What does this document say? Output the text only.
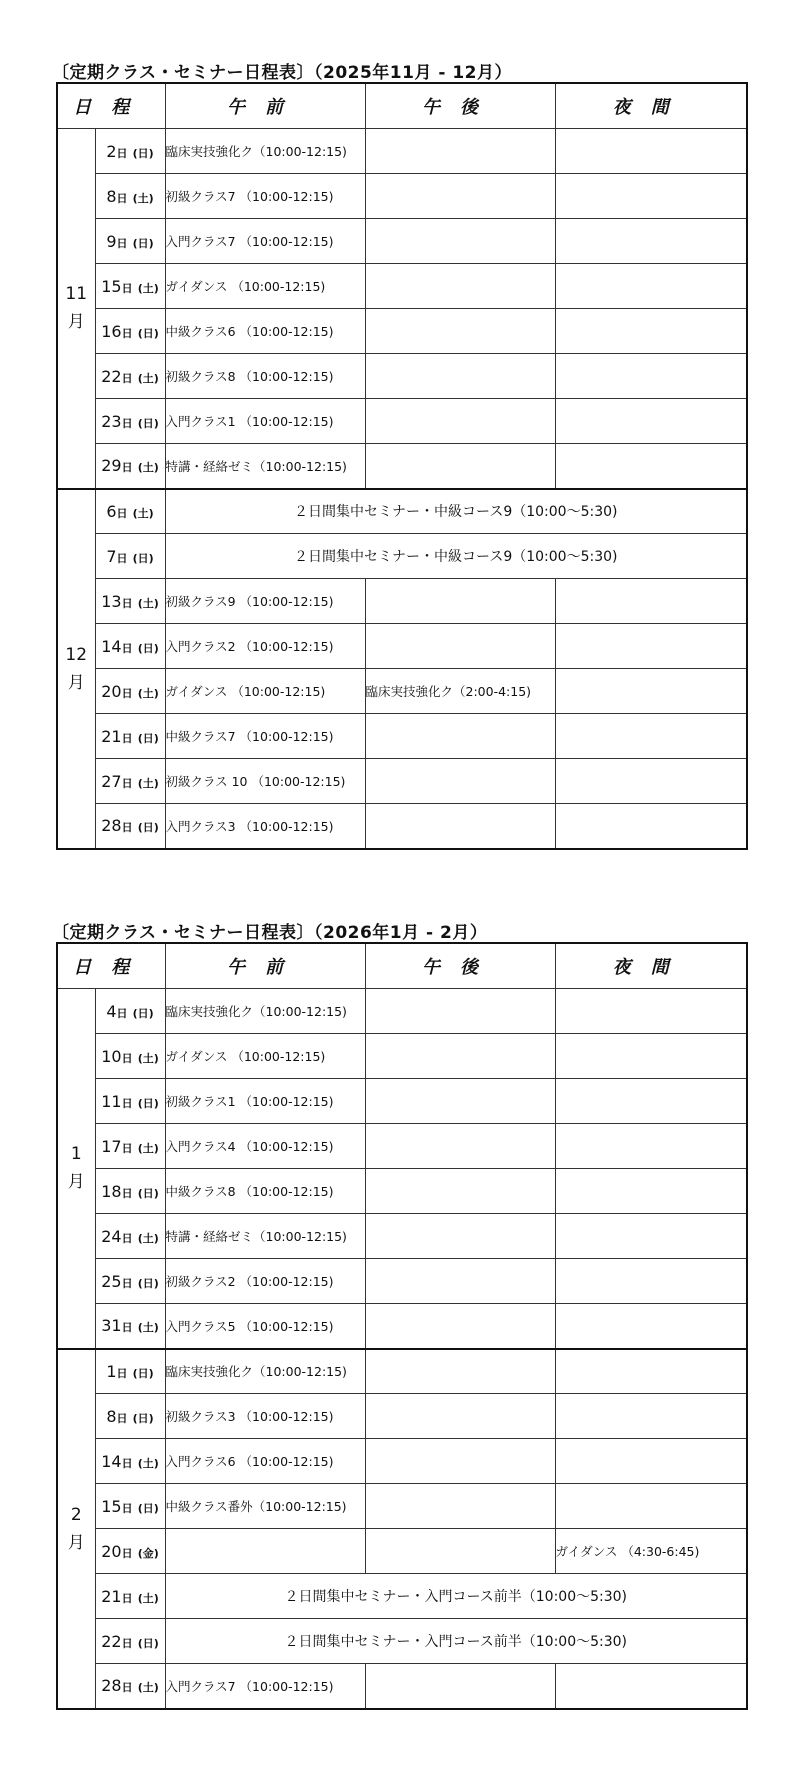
〔定期クラス・セミナー日程表〕（2025年11月 - 12月）
日程		午前	午後	夜間

11
月	2日 (日)	臨床実技強化ク（10:00-12:15)		
	8日 (土)	初級クラス7 （10:00-12:15)		
	9日 (日)	入門クラス7 （10:00-12:15)		
	15日 (土)	ガイダンス （10:00-12:15)		
	16日 (日)	中級クラス6 （10:00-12:15)		
	22日 (土)	初級クラス8 （10:00-12:15)		
	23日 (日)	入門クラス1 （10:00-12:15)		
	29日 (土)	特講・経絡ゼミ（10:00-12:15)		

12
月	6日 (土)	２日間集中セミナー・中級コース9（10:00～5:30)		
	7日 (日)	２日間集中セミナー・中級コース9（10:00～5:30)		
	13日 (土)	初級クラス9 （10:00-12:15)		
	14日 (日)	入門クラス2 （10:00-12:15)		
	20日 (土)	ガイダンス （10:00-12:15)	臨床実技強化ク（2:00-4:15)	
	21日 (日)	中級クラス7 （10:00-12:15)		
	27日 (土)	初級クラス 10 （10:00-12:15)		
	28日 (日)	入門クラス3 （10:00-12:15)		
〔定期クラス・セミナー日程表〕（2026年1月 - 2月）
日程		午前	午後	夜間

1
月	4日 (日)	臨床実技強化ク（10:00-12:15)		
	10日 (土)	ガイダンス （10:00-12:15)		
	11日 (日)	初級クラス1 （10:00-12:15)		
	17日 (土)	入門クラス4 （10:00-12:15)		
	18日 (日)	中級クラス8 （10:00-12:15)		
	24日 (土)	特講・経絡ゼミ（10:00-12:15)		
	25日 (日)	初級クラス2 （10:00-12:15)		
	31日 (土)	入門クラス5 （10:00-12:15)		

2
月	1日 (日)	臨床実技強化ク（10:00-12:15)		
	8日 (日)	初級クラス3 （10:00-12:15)		
	14日 (土)	入門クラス6 （10:00-12:15)		
	15日 (日)	中級クラス番外（10:00-12:15)		
	20日 (金)			ガイダンス （4:30-6:45)
	21日 (土)	２日間集中セミナー・入門コース前半（10:00～5:30)		
	22日 (日)	２日間集中セミナー・入門コース前半（10:00～5:30)		
	28日 (土)	入門クラス7 （10:00-12:15)		
